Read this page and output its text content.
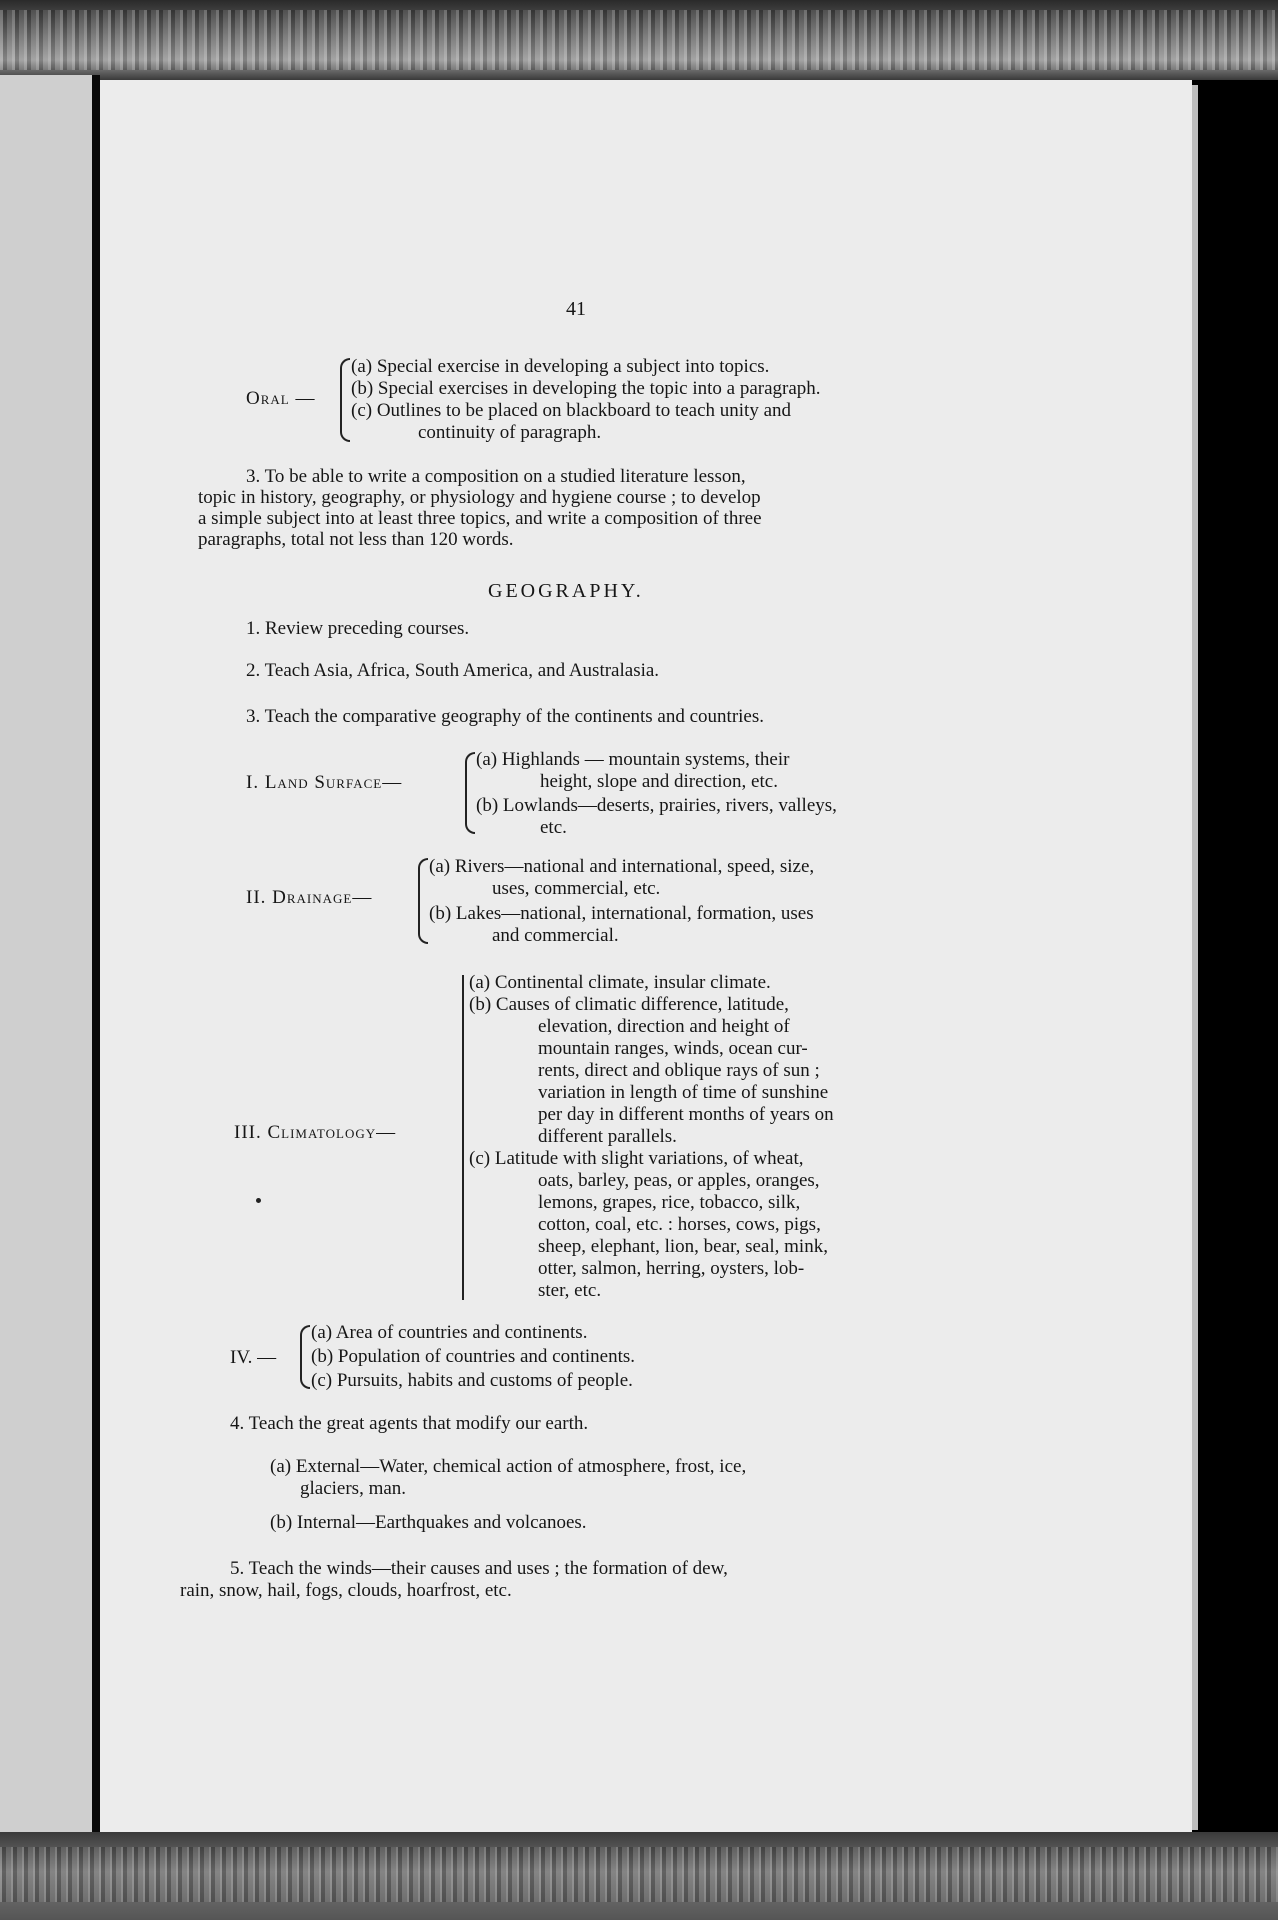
41
Oral —
(a) Special exercise in developing a subject into topics.
(b) Special exercises in developing the topic into a paragraph.
(c) Outlines to be placed on blackboard to teach unity and
continuity of paragraph.
3. To be able to write a composition on a studied literature lesson,
topic in history, geography, or physiology and hygiene course ; to develop
a simple subject into at least three topics, and write a composition of three
paragraphs, total not less than 120 words.
GEOGRAPHY.
1. Review preceding courses.
2. Teach Asia, Africa, South America, and Australasia.
3. Teach the comparative geography of the continents and countries.
I. Land Surface—
(a) Highlands — mountain systems, their
height, slope and direction, etc.
(b) Lowlands—deserts, prairies, rivers, valleys,
etc.
II. Drainage—
(a) Rivers—national and international, speed, size,
uses, commercial, etc.
(b) Lakes—national, international, formation, uses
and commercial.
III. Climatology—
(a) Continental climate, insular climate.
(b) Causes of climatic difference, latitude,
elevation, direction and height of
mountain ranges, winds, ocean cur-
rents, direct and oblique rays of sun ;
variation in length of time of sunshine
per day in different months of years on
different parallels.
(c) Latitude with slight variations, of wheat,
oats, barley, peas, or apples, oranges,
lemons, grapes, rice, tobacco, silk,
cotton, coal, etc. : horses, cows, pigs,
sheep, elephant, lion, bear, seal, mink,
otter, salmon, herring, oysters, lob-
ster, etc.
IV. —
(a) Area of countries and continents.
(b) Population of countries and continents.
(c) Pursuits, habits and customs of people.
4. Teach the great agents that modify our earth.
(a) External—Water, chemical action of atmosphere, frost, ice,
glaciers, man.
(b) Internal—Earthquakes and volcanoes.
5. Teach the winds—their causes and uses ; the formation of dew,
rain, snow, hail, fogs, clouds, hoarfrost, etc.
